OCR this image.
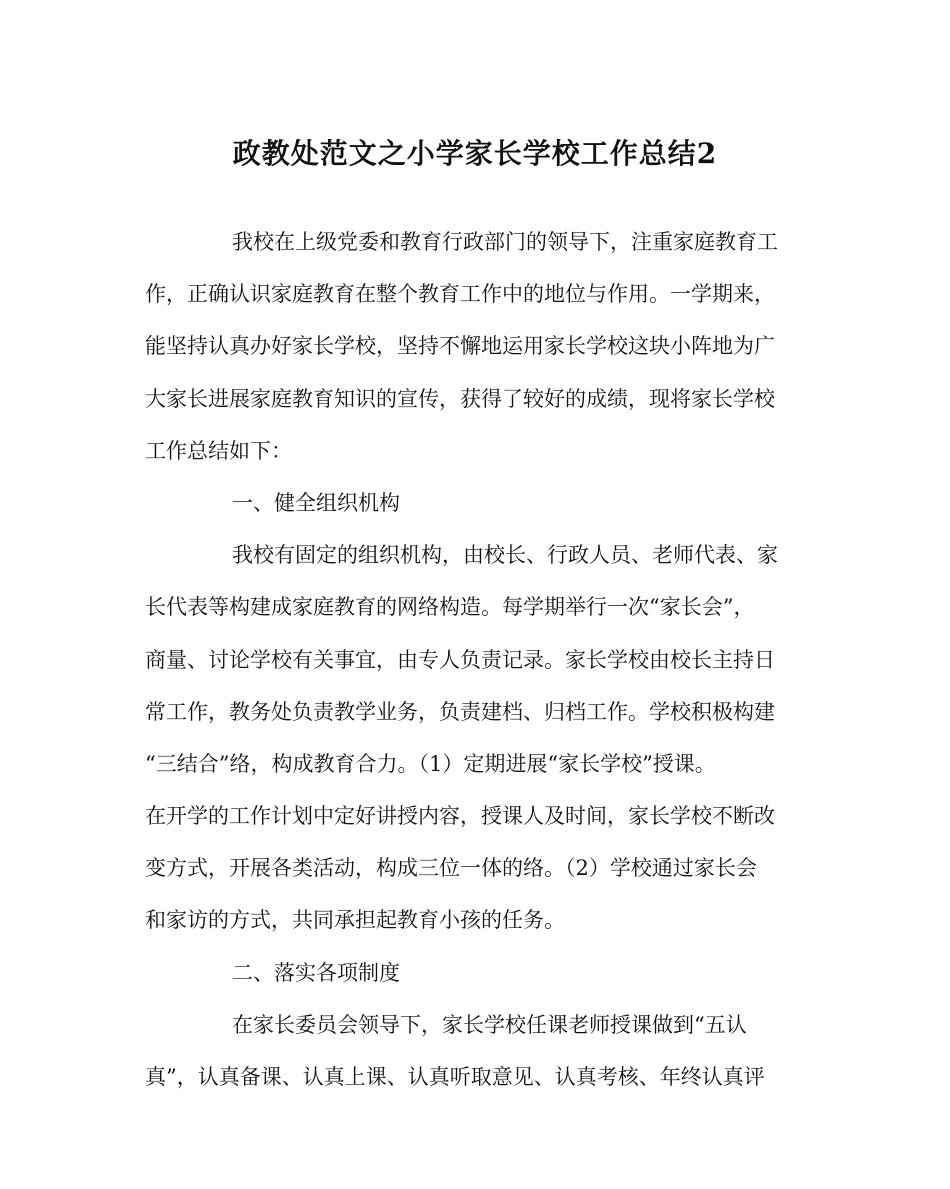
政教处范文之小学家长学校工作总结2
我校在上级党委和教育行政部门的领导下，注重家庭教育工
作，正确认识家庭教育在整个教育工作中的地位与作用。一学期来，
能坚持认真办好家长学校，坚持不懈地运用家长学校这块小阵地为广
大家长进展家庭教育知识的宣传，获得了较好的成绩，现将家长学校
工作总结如下：
一、健全组织机构
我校有固定的组织机构，由校长、行政人员、老师代表、家
长代表等构建成家庭教育的网络构造。每学期举行一次“家长会”，
商量、讨论学校有关事宜，由专人负责记录。家长学校由校长主持日
常工作，教务处负责教学业务，负责建档、归档工作。学校积极构建
“三结合”络，构成教育合力。（1）定期进展“家长学校”授课。
在开学的工作计划中定好讲授内容，授课人及时间，家长学校不断改
变方式，开展各类活动，构成三位一体的络。（2）学校通过家长会
和家访的方式，共同承担起教育小孩的任务。
二、落实各项制度
在家长委员会领导下，家长学校任课老师授课做到“五认
真”，认真备课、认真上课、认真听取意见、认真考核、年终认真评
